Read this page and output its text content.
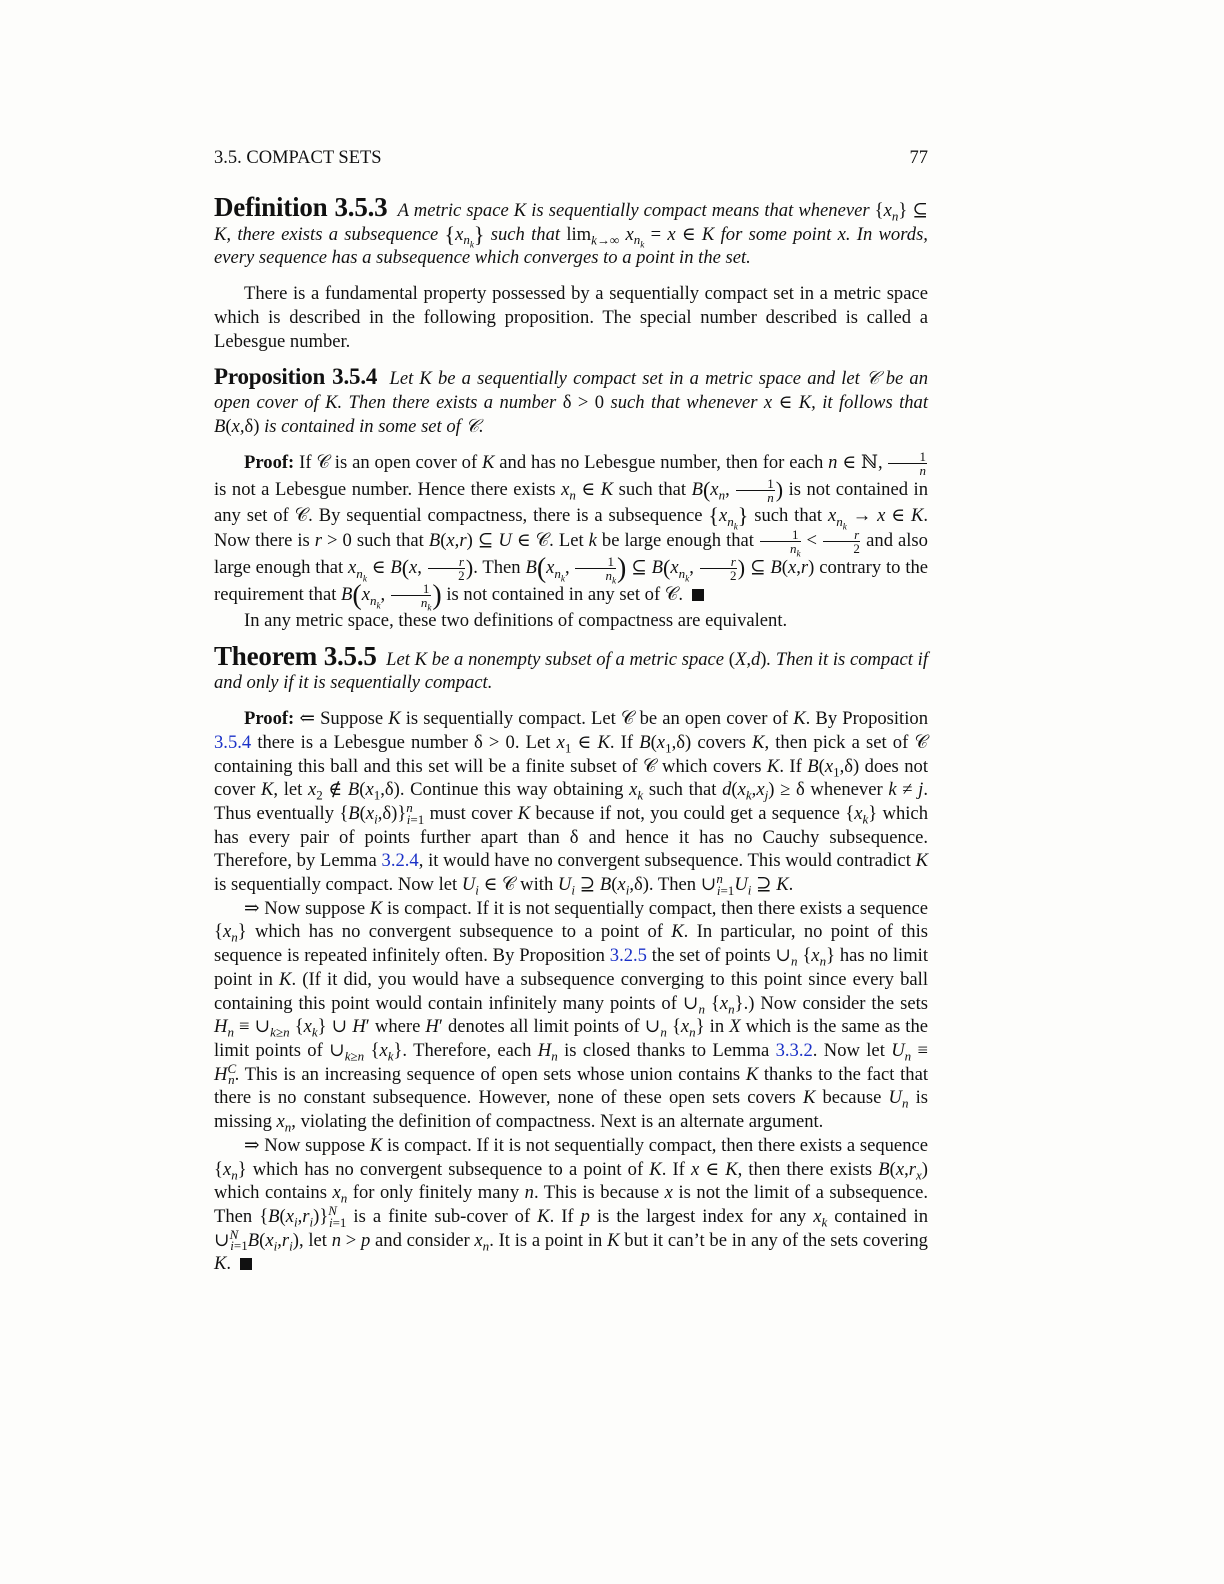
3.5. COMPACT SETS	77

Definition 3.5.3  A metric space K is sequentially compact means that whenever $\{x_n\}$ ⊆ K, there exists a subsequence $\{x_{n_k}\}$ such that $\lim_{k\to\infty} x_{n_k} = x$ ∈ K for some point x. In words, every sequence has a subsequence which converges to a point in the set.

There is a fundamental property possessed by a sequentially compact set in a metric space which is described in the following proposition. The special number described is called a Lebesgue number.

Proposition 3.5.4  Let K be a sequentially compact set in a metric space and let 𝒞 be an open cover of K. Then there exists a number δ > 0 such that whenever x ∈ K, it follows that B(x,δ) is contained in some set of 𝒞.

Proof: If 𝒞 is an open cover of K and has no Lebesgue number, then for each n ∈ ℕ, $\frac{1}{n}$
is not a Lebesgue number. Hence there exists $x_n$ ∈ K such that $B(x_n$, $\frac{1}{n}$ ) is not contained in any set of 𝒞. By sequential compactness, there is a subsequence $\{x_{n_k}\}$ such that $x_{n_k} \to x$ ∈ K. Now there is r > 0 such that B(x,r) ⊆ U ∈ 𝒞. Let k be large enough that $\frac{1}{n_k} < \frac{r}{2}$ and also large enough that $x_{n_k}$ ∈ B(x, $\frac{r}{2}$ ). Then $B(x_{n_k}$, $\frac{1}{n_k}$ ) ⊆ $B(x_{n_k}$, $\frac{r}{2}$ ) ⊆ B(x,r) contrary to the requirement that $B(x_{n_k}$, $\frac{1}{n_k}$ ) is not contained in any set of 𝒞.

In any metric space, these two definitions of compactness are equivalent.

Theorem 3.5.5  Let K be a nonempty subset of a metric space (X,d). Then it is compact if and only if it is sequentially compact.

Proof: ⇐ Suppose K is sequentially compact. Let 𝒞 be an open cover of K. By Proposition 3.5.4 there is a Lebesgue number δ > 0. Let $x_1$ ∈ K. If $B(x_1,\delta)$ covers K, then pick a set of 𝒞 containing this ball and this set will be a finite subset of 𝒞 which covers K. If $B(x_1,\delta)$ does not cover K, let $x_2$ ∉ $B(x_1,\delta)$. Continue this way obtaining $x_k$ such that $d(x_k,x_j) \ge \delta$ whenever k ≠ j. Thus eventually $\{B(x_i,\delta)\}^n_{i=1}$ must cover K because if not, you could get a sequence $\{x_k\}$ which has every pair of points further apart than δ and hence it has no Cauchy subsequence. Therefore, by Lemma 3.2.4, it would have no convergent subsequence. This would contradict K is sequentially compact. Now let $U_i$ ∈ 𝒞 with $U_i$ ⊇ $B(x_i,\delta)$. Then $\cup^n_{i=1}U_i$ ⊇ K.

⇒ Now suppose K is compact. If it is not sequentially compact, then there exists a sequence $\{x_n\}$ which has no convergent subsequence to a point of K. In particular, no point of this sequence is repeated infinitely often. By Proposition 3.2.5 the set of points $\cup_n$ $\{x_n\}$ has no limit point in K. (If it did, you would have a subsequence converging to this point since every ball containing this point would contain infinitely many points of $\cup_n$ $\{x_n\}$.) Now consider the sets $H_n$ ≡ $\cup_{k\ge n}$ $\{x_k\}$ ∪ H′ where H′ denotes all limit points of $\cup_n$ $\{x_n\}$ in X which is the same as the limit points of $\cup_{k\ge n}$ $\{x_k\}$. Therefore, each $H_n$ is closed thanks to Lemma 3.3.2. Now let $U_n \equiv H^C_n$. This is an increasing sequence of open sets whose union contains K thanks to the fact that there is no constant subsequence. However, none of these open sets covers K because $U_n$ is missing $x_n$, violating the definition of compactness. Next is an alternate argument.

⇒ Now suppose K is compact. If it is not sequentially compact, then there exists a sequence $\{x_n\}$ which has no convergent subsequence to a point of K. If x ∈ K, then there exists $B(x,r_x)$ which contains $x_n$ for only finitely many n. This is because x is not the limit of a subsequence. Then $\{B(x_i,r_i)\}^N_{i=1}$ is a finite sub-cover of K. If p is the largest index for any $x_k$ contained in $\cup^N_{i=1}B(x_i,r_i)$, let n > p and consider $x_n$. It is a point in K but it can’t be in any of the sets covering K.
